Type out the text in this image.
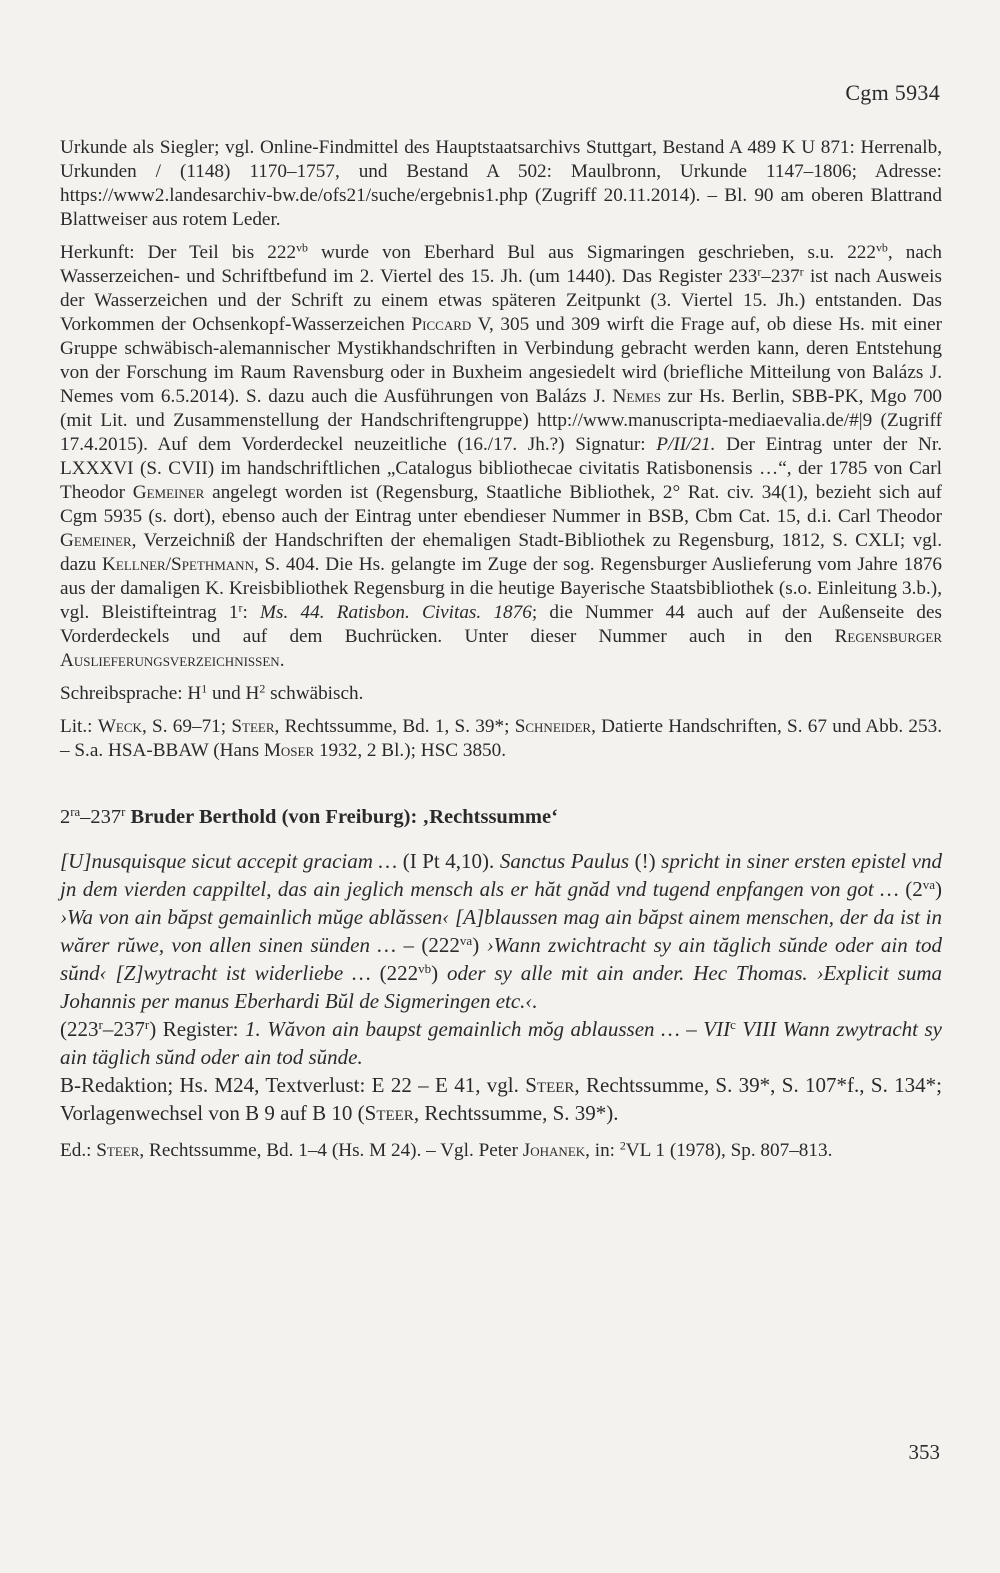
Cgm 5934

Urkunde als Siegler; vgl. Online-Findmittel des Hauptstaatsarchivs Stuttgart, Bestand A 489 K U 871: Herrenalb, Urkunden / (1148) 1170–1757, und Bestand A 502: Maulbronn, Urkunde 1147–1806; Adresse: https://www2.landesarchiv-bw.de/ofs21/suche/ergebnis1.php (Zugriff 20.11.2014). – Bl. 90 am oberen Blattrand Blattweiser aus rotem Leder.

Herkunft: Der Teil bis $222^{vb}$ wurde von Eberhard Bul aus Sigmaringen geschrieben, s.u. $222^{vb}$, nach Wasserzeichen- und Schriftbefund im 2. Viertel des 15. Jh. (um 1440). Das Register 233$^r$–237$^r$ ist nach Ausweis der Wasserzeichen und der Schrift zu einem etwas späteren Zeitpunkt (3. Viertel 15. Jh.) entstanden. Das Vorkommen der Ochsenkopf-Wasserzeichen Piccard V, 305 und 309 wirft die Frage auf, ob diese Hs. mit einer Gruppe schwäbisch-alemannischer Mystikhandschriften in Verbindung gebracht werden kann, deren Entstehung von der Forschung im Raum Ravensburg oder in Buxheim angesiedelt wird (briefliche Mitteilung von Balázs J. Nemes vom 6.5.2014). S. dazu auch die Ausführungen von Balázs J. Nemes zur Hs. Berlin, SBB-PK, Mgo 700 (mit Lit. und Zusammenstellung der Handschriftengruppe) http://www.manuscripta-mediaevalia.de/#|9 (Zugriff 17.4.2015). Auf dem Vorderdeckel neuzeitliche (16./17. Jh.?) Signatur: P/II/21. Der Eintrag unter der Nr. LXXXVI (S. CVII) im handschriftlichen „Catalogus bibliothecae civitatis Ratisbonensis …“, der 1785 von Carl Theodor Gemeiner angelegt worden ist (Regensburg, Staatliche Bibliothek, 2° Rat. civ. 34(1), bezieht sich auf Cgm 5935 (s. dort), ebenso auch der Eintrag unter ebendieser Nummer in BSB, Cbm Cat. 15, d.i. Carl Theodor Gemeiner, Verzeichniß der Handschriften der ehemaligen Stadt-Bibliothek zu Regensburg, 1812, S. CXLI; vgl. dazu Kellner/Spethmann, S. 404. Die Hs. gelangte im Zuge der sog. Regensburger Auslieferung vom Jahre 1876 aus der damaligen K. Kreisbibliothek Regensburg in die heutige Bayerische Staatsbibliothek (s.o. Einleitung 3.b.), vgl. Bleistifteintrag 1$^r$: Ms. 44. Ratisbon. Civitas. 1876; die Nummer 44 auch auf der Außenseite des Vorderdeckels und auf dem Buchrücken. Unter dieser Nummer auch in den Regensburger Auslieferungsverzeichnissen.

Schreibsprache: $H^1$ und $H^2$ schwäbisch.

Lit.: Weck, S. 69–71; Steer, Rechtssumme, Bd. 1, S. 39*; Schneider, Datierte Handschriften, S. 67 und Abb. 253. – S.a. HSA-BBAW (Hans Moser 1932, 2 Bl.); HSC 3850.

$2^{ra}-237^r$ Bruder Berthold (von Freiburg): ‚Rechtssumme‘

[U]nusquisque sicut accepit graciam … (I Pt 4,10). Sanctus Paulus (!) spricht in siner ersten epistel vnd jn dem vierden cappiltel, das ain jeglich mensch als er hăt gnăd vnd tugend enpfangen von got … $(2^{va})$ ›Wa von ain băpst gemainlich mŭge ablăssen‹ [A]blaussen mag ain băpst ainem menschen, der da ist in wărer rŭwe, von allen sinen sünden … – $(222^{va})$ ›Wann zwichtracht sy ain tăglich sŭnde oder ain tod sŭnd‹ [Z]wytracht ist widerliebe … $(222^{vb})$ oder sy alle mit ain ander. Hec Thomas. ›Explicit suma Johannis per manus Eberhardi Bŭl de Sigmeringen etc.‹.

(223$^r$–237$^r$) Register: 1. Wăvon ain baupst gemainlich mŏg ablaussen … – VII$^c$ VIII Wann zwytracht sy ain täglich sŭnd oder ain tod sŭnde.

B-Redaktion; Hs. M24, Textverlust: E 22 – E 41, vgl. Steer, Rechtssumme, S. 39*, S. 107*f., S. 134*; Vorlagenwechsel von B 9 auf B 10 (Steer, Rechtssumme, S. 39*).

Ed.: Steer, Rechtssumme, Bd. 1–4 (Hs. M 24). – Vgl. Peter Johanek, in: $^2$VL 1 (1978), Sp. 807–813.

353
